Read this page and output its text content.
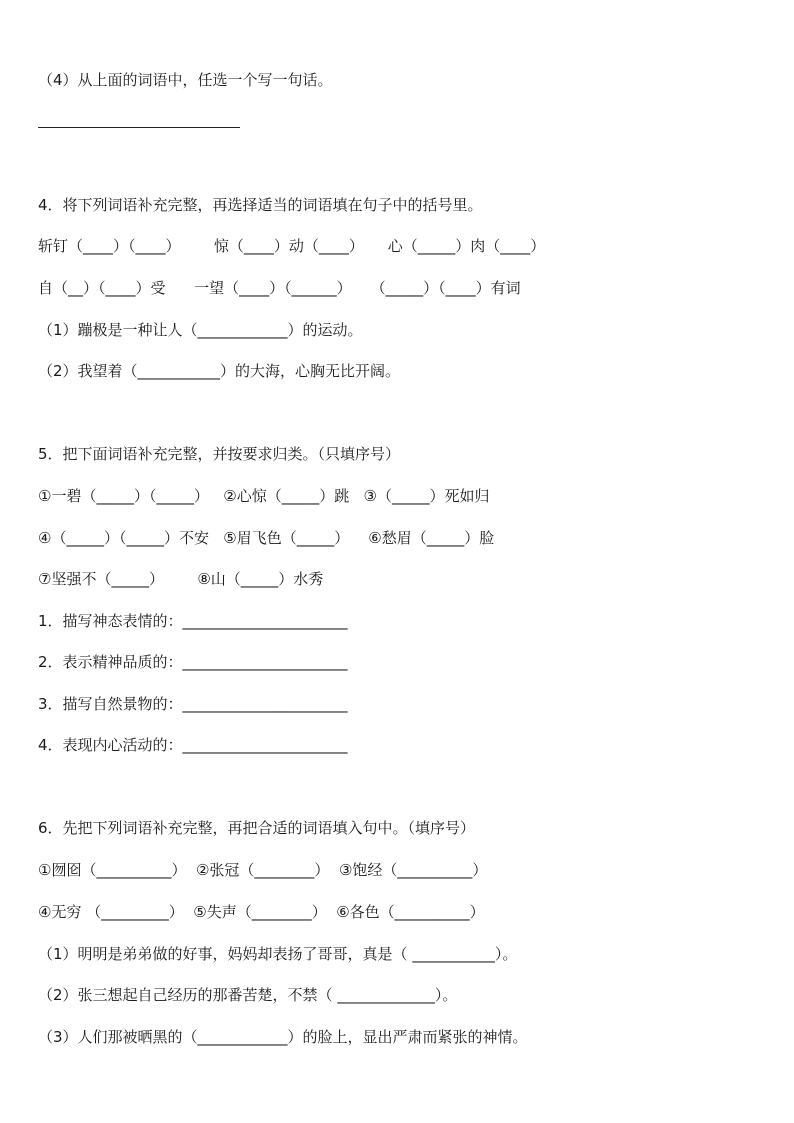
（4）从上面的词语中，任选一个写一句话。
4．将下列词语补充完整，再选择适当的词语填在句子中的括号里。
斩钉（____）（____）       惊（____）动（____）     心（_____）肉（____）
自（__）（____）受      一望（____）（______）    （_____）（____）有词
（1）蹦极是一种让人（____________）的运动。
（2）我望着（___________）的大海，心胸无比开阔。
5．把下面词语补充完整，并按要求归类。（只填序号）
①一碧（_____）（_____）   ②心惊（_____）跳   ③（_____）死如归
④（_____）（_____）不安   ⑤眉飞色（_____）    ⑥愁眉（_____）脸
⑦坚强不（_____）       ⑧山（_____）水秀
1．描写神态表情的：______________________
2．表示精神品质的：______________________
3．描写自然景物的：______________________
4．表现内心活动的：______________________
6．先把下列词语补充完整，再把合适的词语填入句中。（填序号）
①囫囵（__________）  ②张冠（________）  ③饱经（__________）
④无穷 （_________）  ⑤失声（________）  ⑥各色（__________）
（1）明明是弟弟做的好事，妈妈却表扬了哥哥，真是（ ___________）。
（2）张三想起自己经历的那番苦楚，不禁（ _____________）。
（3）人们那被晒黑的（____________）的脸上，显出严肃而紧张的神情。
